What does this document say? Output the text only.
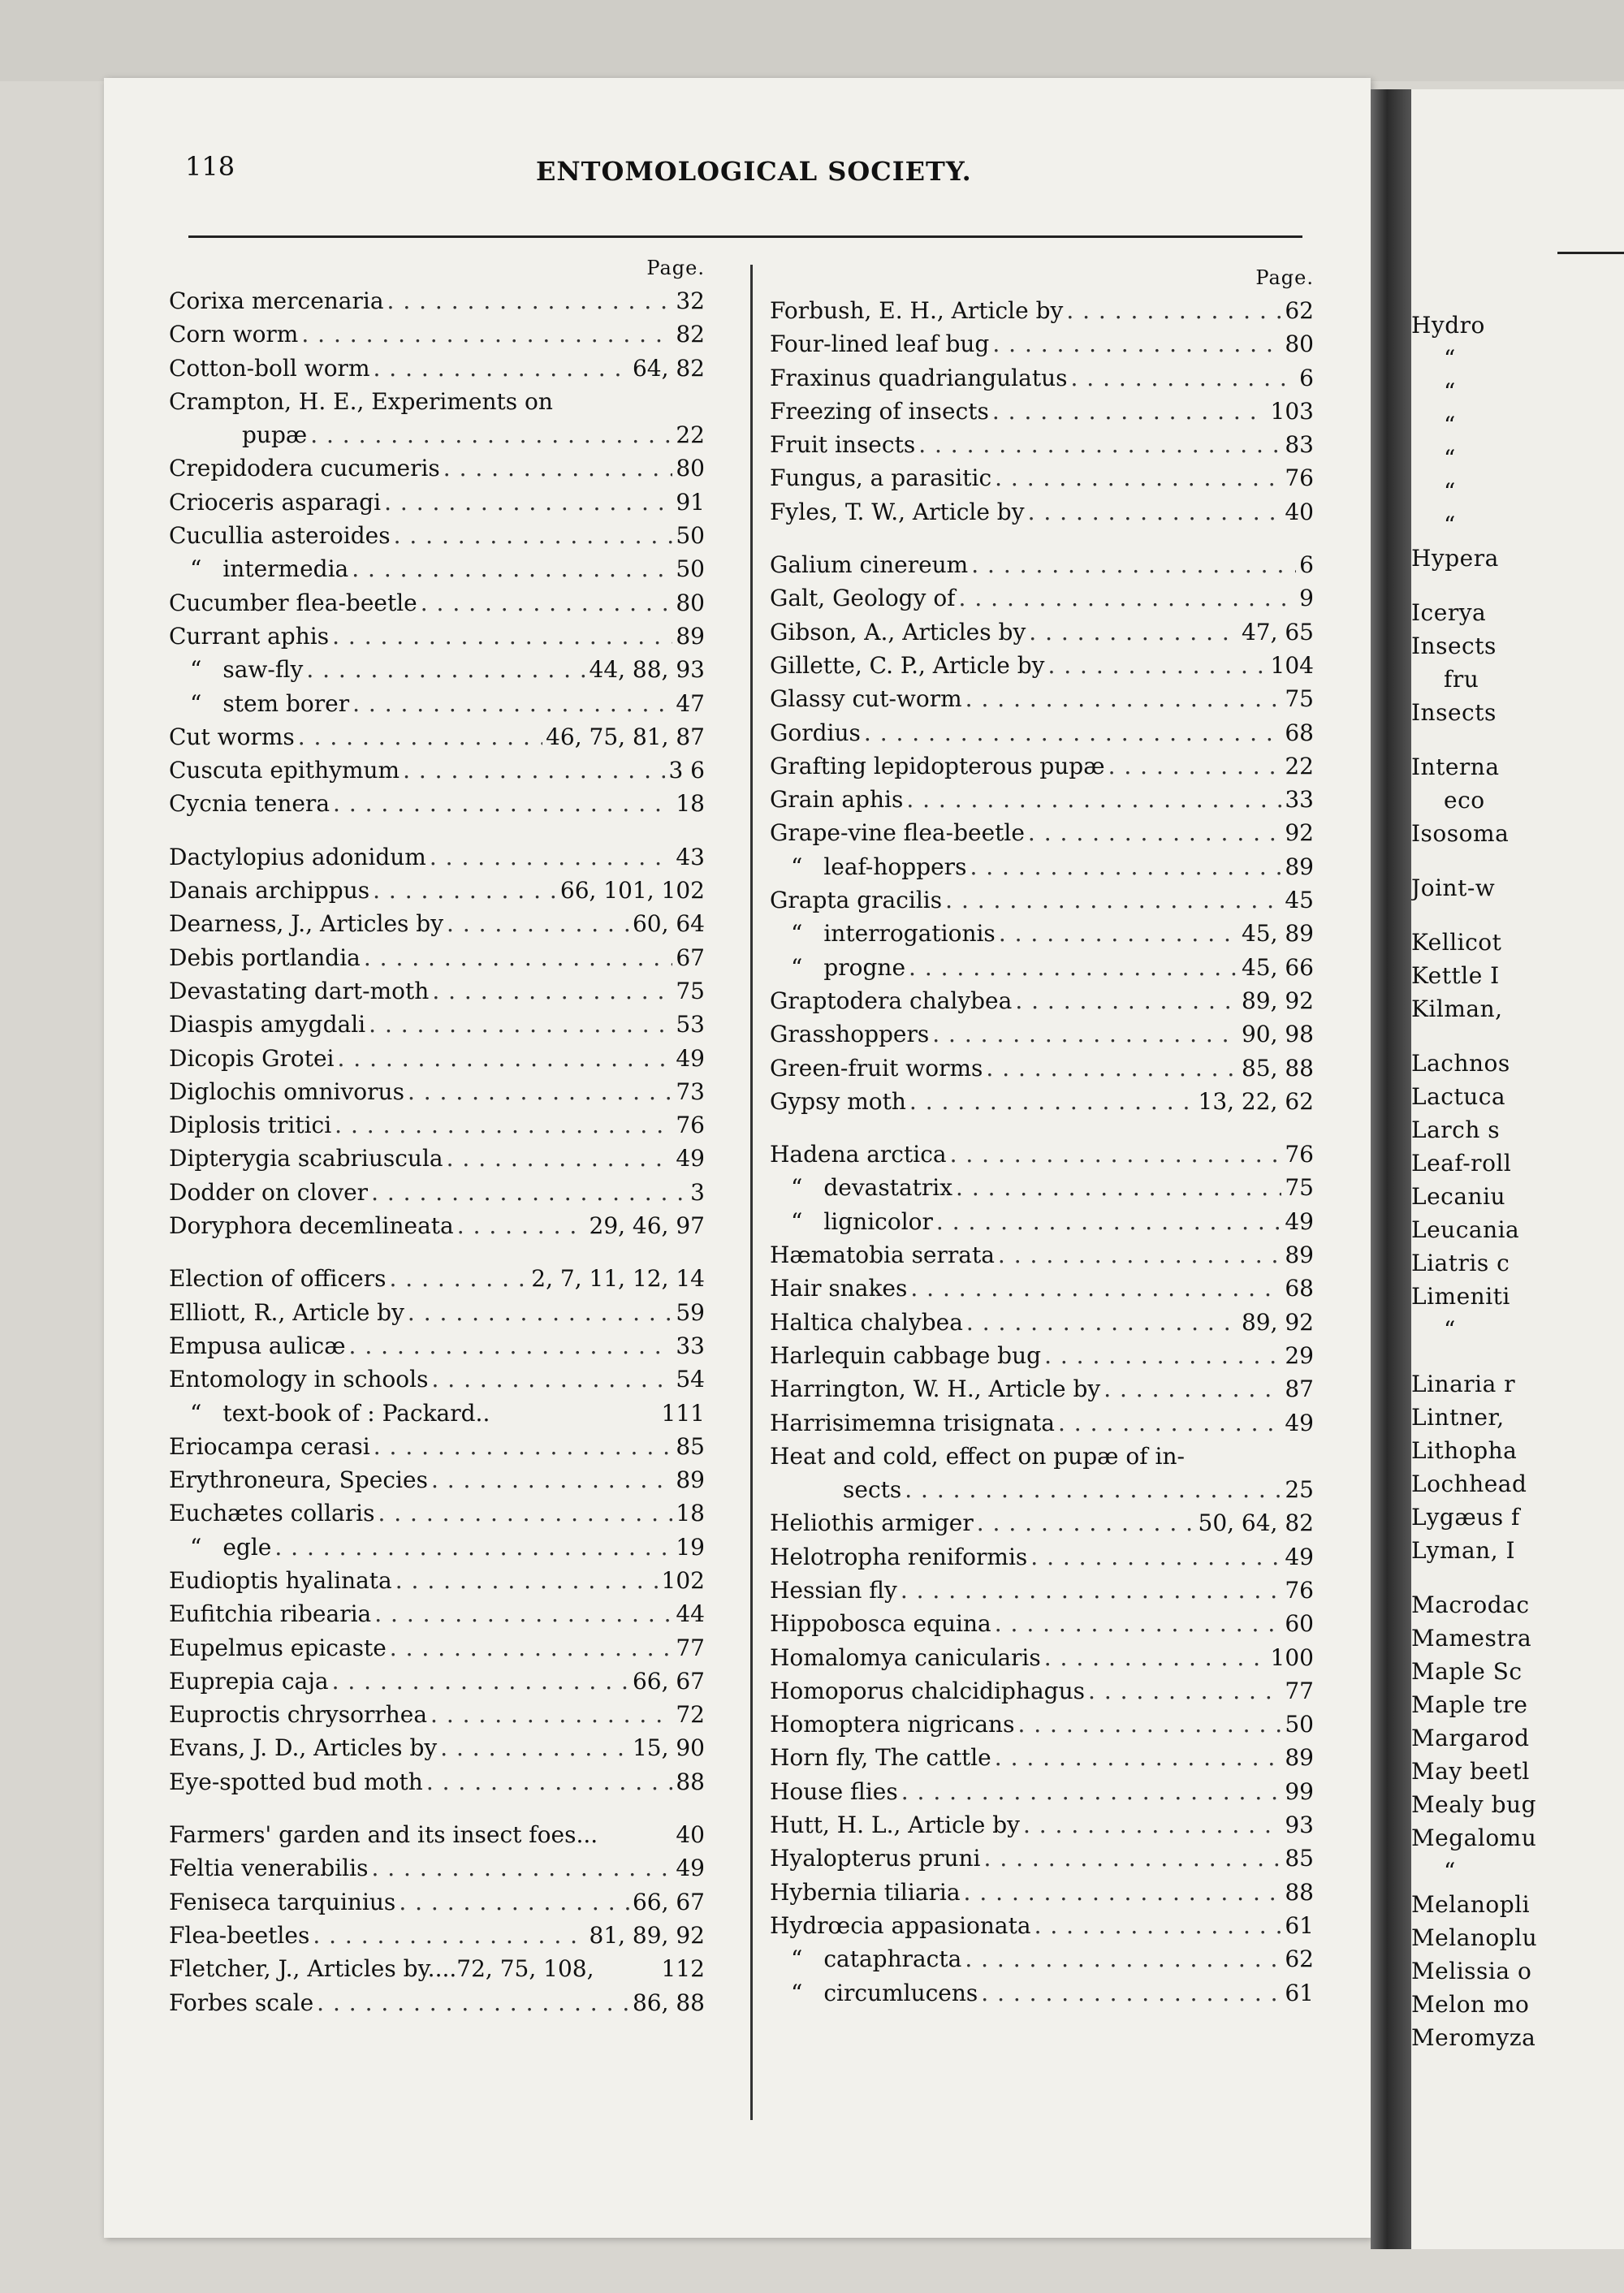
118	ENTOMOLOGICAL SOCIETY.
Page.
Corixa mercenaria . . .	32
Corn worm . . .	82
Cotton-boll worm . . .	64, 82
Crampton, H. E., Experiments on
pupæ . . .	22
Crepidodera cucumeris . . .	80
Crioceris asparagi . . .	91
Cucullia asteroides . . .	50
“ intermedia . . .	50
Cucumber flea-beetle . . .	80
Currant aphis . . .	89
“ saw-fly . . .	44, 88, 93
“ stem borer . . .	47
Cut worms . . .	46, 75, 81, 87
Cuscuta epithymum . . .	3 6
Cycnia tenera . . .	18
Dactylopius adonidum . . .	43
Danais archippus . . .	66, 101, 102
Dearness, J., Articles by . . .	60, 64
Debis portlandia . . .	67
Devastating dart-moth . . .	75
Diaspis amygdali . . .	53
Dicopis Grotei . . .	49
Diglochis omnivorus . . .	73
Diplosis tritici . . .	76
Dipterygia scabriuscula . . .	49
Dodder on clover . . .	3
Doryphora decemlineata . . .	29, 46, 97
Election of officers . . .	2, 7, 11, 12, 14
Elliott, R., Article by . . .	59
Empusa aulicæ . . .	33
Entomology in schools . . .	54
“ text-book of : Packard..	111
Eriocampa cerasi . . .	85
Erythroneura, Species . . .	89
Euchætes collaris . . .	18
“ egle . . .	19
Eudioptis hyalinata . . .	102
Eufitchia ribearia . . .	44
Eupelmus epicaste . . .	77
Euprepia caja . . .	66, 67
Euproctis chrysorrhea . . .	72
Evans, J. D., Articles by . . .	15, 90
Eye-spotted bud moth . . .	88
Farmers' garden and its insect foes...	40
Feltia venerabilis . . .	49
Feniseca tarquinius . . .	66, 67
Flea-beetles . . .	81, 89, 92
Fletcher, J., Articles by....72, 75, 108,	112
Forbes scale . . .	86, 88
Page.
Forbush, E. H., Article by . . .	62
Four-lined leaf bug . . .	80
Fraxinus quadriangulatus . . .	6
Freezing of insects . . .	103
Fruit insects . . .	83
Fungus, a parasitic . . .	76
Fyles, T. W., Article by . . .	40
Galium cinereum . . .	6
Galt, Geology of . . .	9
Gibson, A., Articles by . . .	47, 65
Gillette, C. P., Article by . . .	104
Glassy cut-worm . . .	75
Gordius . . .	68
Grafting lepidopterous pupæ . . .	22
Grain aphis . . .	33
Grape-vine flea-beetle . . .	92
“ leaf-hoppers . . .	89
Grapta gracilis . . .	45
“ interrogationis . . .	45, 89
“ progne . . .	45, 66
Graptodera chalybea . . .	89, 92
Grasshoppers . . .	90, 98
Green-fruit worms . . .	85, 88
Gypsy moth . . .	13, 22, 62
Hadena arctica . . .	76
“ devastatrix . . .	75
“ lignicolor . . .	49
Hæmatobia serrata . . .	89
Hair snakes . . .	68
Haltica chalybea . . .	89, 92
Harlequin cabbage bug . . .	29
Harrington, W. H., Article by . . .	87
Harrisimemna trisignata . . .	49
Heat and cold, effect on pupæ of in-
sects . . .	25
Heliothis armiger . . .	50, 64, 82
Helotropha reniformis . . .	49
Hessian fly . . .	76
Hippobosca equina . . .	60
Homalomya canicularis . . .	100
Homoporus chalcidiphagus . . .	77
Homoptera nigricans . . .	50
Horn fly, The cattle . . .	89
House flies . . .	99
Hutt, H. L., Article by . . .	93
Hyalopterus pruni . . .	85
Hybernia tiliaria . . .	88
Hydrœcia appasionata . . .	61
“ cataphracta . . .	62
“ circumlucens . . .	61
Hydro
“
“
“
“
“
“
Hypera
Icerya
Insects
fru
Insects
Interna
eco
Isosoma
Joint-w
Kellicot
Kettle I
Kilman,
Lachnos
Lactuca
Larch s
Leaf-roll
Lecaniu
Leucania
Liatris c
Limeniti
“
Linaria r
Lintner,
Lithopha
Lochhead
Lygæus f
Lyman, I
Macrodac
Mamestra
Maple Sc
Maple tre
Margarod
May beetl
Mealy bug
Megalomu
“
Melanopli
Melanoplu
Melissia o
Melon mo
Meromyza
